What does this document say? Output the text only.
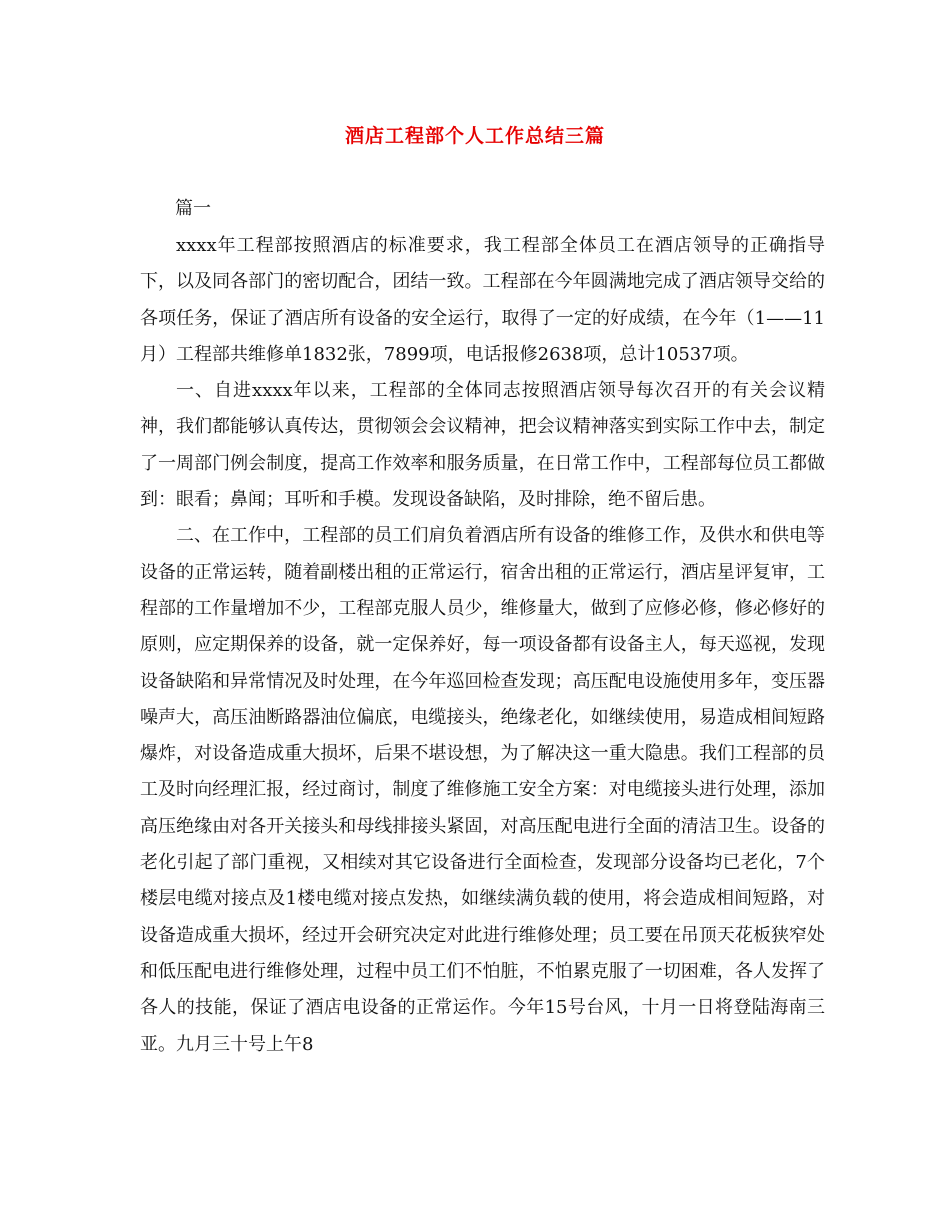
酒店工程部个人工作总结三篇
篇一

xxxx年工程部按照酒店的标准要求，我工程部全体员工在酒店领导的正确指导下，以及同各部门的密切配合，团结一致。工程部在今年圆满地完成了酒店领导交给的各项任务，保证了酒店所有设备的安全运行，取得了一定的好成绩，在今年（1——11月）工程部共维修单1832张，7899项，电话报修2638项，总计10537项。

一、自进xxxx年以来，工程部的全体同志按照酒店领导每次召开的有关会议精神，我们都能够认真传达，贯彻领会会议精神，把会议精神落实到实际工作中去，制定了一周部门例会制度，提高工作效率和服务质量，在日常工作中，工程部每位员工都做到：眼看；鼻闻；耳听和手模。发现设备缺陷，及时排除，绝不留后患。

二、在工作中，工程部的员工们肩负着酒店所有设备的维修工作，及供水和供电等设备的正常运转，随着副楼出租的正常运行，宿舍出租的正常运行，酒店星评复审，工程部的工作量增加不少，工程部克服人员少，维修量大，做到了应修必修，修必修好的原则，应定期保养的设备，就一定保养好，每一项设备都有设备主人，每天巡视，发现设备缺陷和异常情况及时处理，在今年巡回检查发现；高压配电设施使用多年，变压器噪声大，高压油断路器油位偏底，电缆接头，绝缘老化，如继续使用，易造成相间短路爆炸，对设备造成重大损坏，后果不堪设想，为了解决这一重大隐患。我们工程部的员工及时向经理汇报，经过商讨，制度了维修施工安全方案：对电缆接头进行处理，添加高压绝缘由对各开关接头和母线排接头紧固，对高压配电进行全面的清洁卫生。设备的老化引起了部门重视，又相续对其它设备进行全面检查，发现部分设备均已老化，7个楼层电缆对接点及1楼电缆对接点发热，如继续满负载的使用，将会造成相间短路，对设备造成重大损坏，经过开会研究决定对此进行维修处理；员工要在吊顶天花板狭窄处和低压配电进行维修处理，过程中员工们不怕脏，不怕累克服了一切困难，各人发挥了各人的技能，保证了酒店电设备的正常运作。今年15号台风，十月一日将登陆海南三亚。九月三十号上午8
